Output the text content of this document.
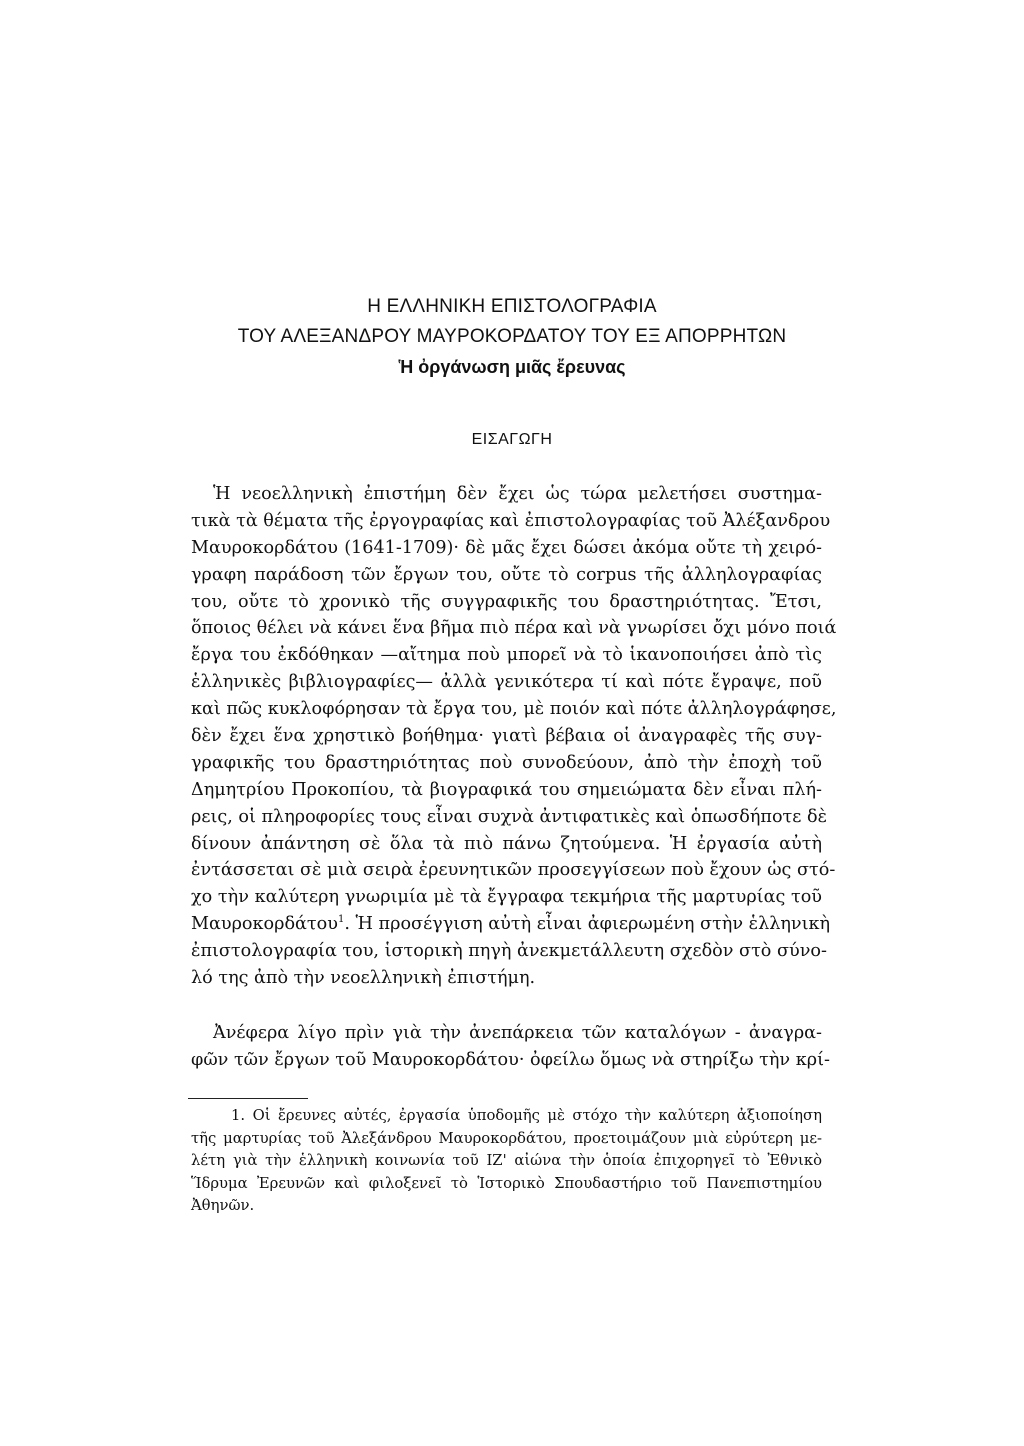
Η ΕΛΛΗΝΙΚΗ ΕΠΙΣΤΟΛΟΓΡΑΦΙΑ
ΤΟΥ ΑΛΕΞΑΝΔΡΟΥ ΜΑΥΡΟΚΟΡΔΑΤΟΥ ΤΟΥ ΕΞ ΑΠΟΡΡΗΤΩΝ
Ἡ ὀργάνωση μιᾶς ἔρευνας
ΕΙΣΑΓΩΓΗ
Ἡ νεοελληνικὴ ἐπιστήμη δὲν ἔχει ὡς τώρα μελετήσει συστημα-
τικὰ τὰ θέματα τῆς ἐργογραφίας καὶ ἐπιστολογραφίας τοῦ Ἀλέξανδρου
Μαυροκορδάτου (1641-1709)· δὲ μᾶς ἔχει δώσει ἀκόμα οὔτε τὴ χειρό-
γραφη παράδοση τῶν ἔργων του, οὔτε τὸ corpus τῆς ἀλληλογραφίας
του, οὔτε τὸ χρονικὸ τῆς συγγραφικῆς του δραστηριότητας. Ἔτσι,
ὅποιος θέλει νὰ κάνει ἕνα βῆμα πιὸ πέρα καὶ νὰ γνωρίσει ὄχι μόνο ποιά
ἔργα του ἐκδόθηκαν —αἴτημα ποὺ μπορεῖ νὰ τὸ ἱκανοποιήσει ἀπὸ τὶς
ἑλληνικὲς βιβλιογραφίες— ἀλλὰ γενικότερα τί καὶ πότε ἔγραψε, ποῦ
καὶ πῶς κυκλοφόρησαν τὰ ἔργα του, μὲ ποιόν καὶ πότε ἀλληλογράφησε,
δὲν ἔχει ἕνα χρηστικὸ βοήθημα· γιατὶ βέβαια οἱ ἀναγραφὲς τῆς συγ-
γραφικῆς του δραστηριότητας ποὺ συνοδεύουν, ἀπὸ τὴν ἐποχὴ τοῦ
Δημητρίου Προκοπίου, τὰ βιογραφικά του σημειώματα δὲν εἶναι πλή-
ρεις, οἱ πληροφορίες τους εἶναι συχνὰ ἀντιφατικὲς καὶ ὁπωσδήποτε δὲ
δίνουν ἀπάντηση σὲ ὅλα τὰ πιὸ πάνω ζητούμενα. Ἡ ἐργασία αὐτὴ
ἐντάσσεται σὲ μιὰ σειρὰ ἐρευνητικῶν προσεγγίσεων ποὺ ἔχουν ὡς στό-
χο τὴν καλύτερη γνωριμία μὲ τὰ ἔγγραφα τεκμήρια τῆς μαρτυρίας τοῦ
Μαυροκορδάτου$^1$. Ἡ προσέγγιση αὐτὴ εἶναι ἀφιερωμένη στὴν ἑλληνικὴ
ἐπιστολογραφία του, ἱστορικὴ πηγὴ ἀνεκμετάλλευτη σχεδὸν στὸ σύνο-
λό της ἀπὸ τὴν νεοελληνικὴ ἐπιστήμη.
Ἀνέφερα λίγο πρὶν γιὰ τὴν ἀνεπάρκεια τῶν καταλόγων - ἀναγρα-
φῶν τῶν ἔργων τοῦ Μαυροκορδάτου· ὀφείλω ὅμως νὰ στηρίξω τὴν κρί-
1. Οἱ ἔρευνες αὐτές, ἐργασία ὑποδομῆς μὲ στόχο τὴν καλύτερη ἀξιοποίηση
τῆς μαρτυρίας τοῦ Ἀλεξάνδρου Μαυροκορδάτου, προετοιμάζουν μιὰ εὐρύτερη με-
λέτη γιὰ τὴν ἑλληνικὴ κοινωνία τοῦ ΙΖ' αἰώνα τὴν ὁποία ἐπιχορηγεῖ τὸ Ἐθνικὸ
Ἵδρυμα Ἐρευνῶν καὶ φιλοξενεῖ τὸ Ἱστορικὸ Σπουδαστήριο τοῦ Πανεπιστημίου
Ἀθηνῶν.
